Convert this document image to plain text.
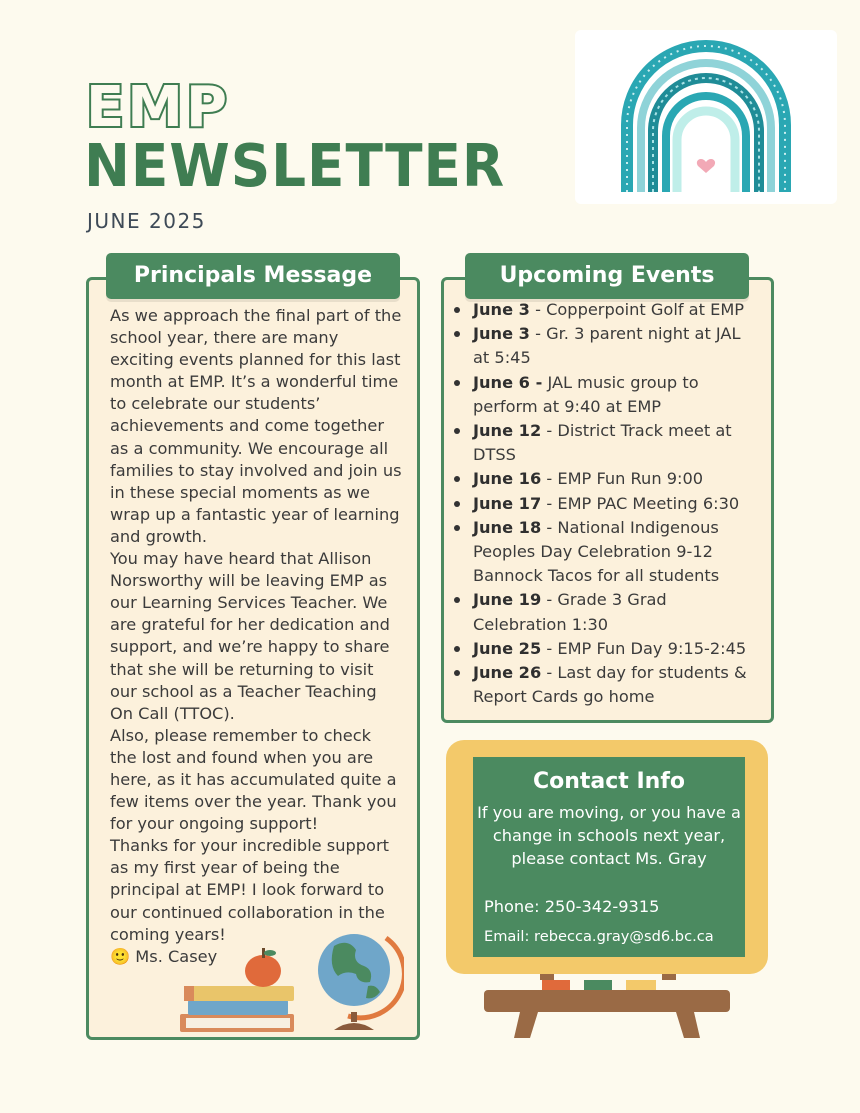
EMP
NEWSLETTER
JUNE 2025
Principals Message

As we approach the final part of the school year, there are many exciting events planned for this last month at EMP. It’s a wonderful time to celebrate our students’ achievements and come together as a community. We encourage all families to stay involved and join us in these special moments as we wrap up a fantastic year of learning and growth.

You may have heard that Allison Norsworthy will be leaving EMP as our Learning Services Teacher. We are grateful for her dedication and support, and we’re happy to share that she will be returning to visit our school as a Teacher Teaching On Call (TTOC).

Also, please remember to check the lost and found when you are here, as it has accumulated quite a few items over the year. Thank you for your ongoing support!

Thanks for your incredible support as my first year of being the principal at EMP! I look forward to our continued collaboration in the coming years!

🙂 Ms. Casey

Upcoming Events
June 3 - Copperpoint Golf at EMP
June 3 - Gr. 3 parent night at JAL at 5:45
June 6 - JAL music group to perform at 9:40 at EMP
June 12 - District Track meet at DTSS
June 16 - EMP Fun Run 9:00
June 17 - EMP PAC Meeting 6:30
June 18 - National Indigenous Peoples Day Celebration 9-12 Bannock Tacos for all students
June 19 - Grade 3 Grad Celebration 1:30
June 25 - EMP Fun Day 9:15-2:45
June 26 - Last day for students & Report Cards go home
Contact Info
If you are moving, or you have a change in schools next year, please contact Ms. Gray
Phone: 250-342-9315
Email: rebecca.gray@sd6.bc.ca
